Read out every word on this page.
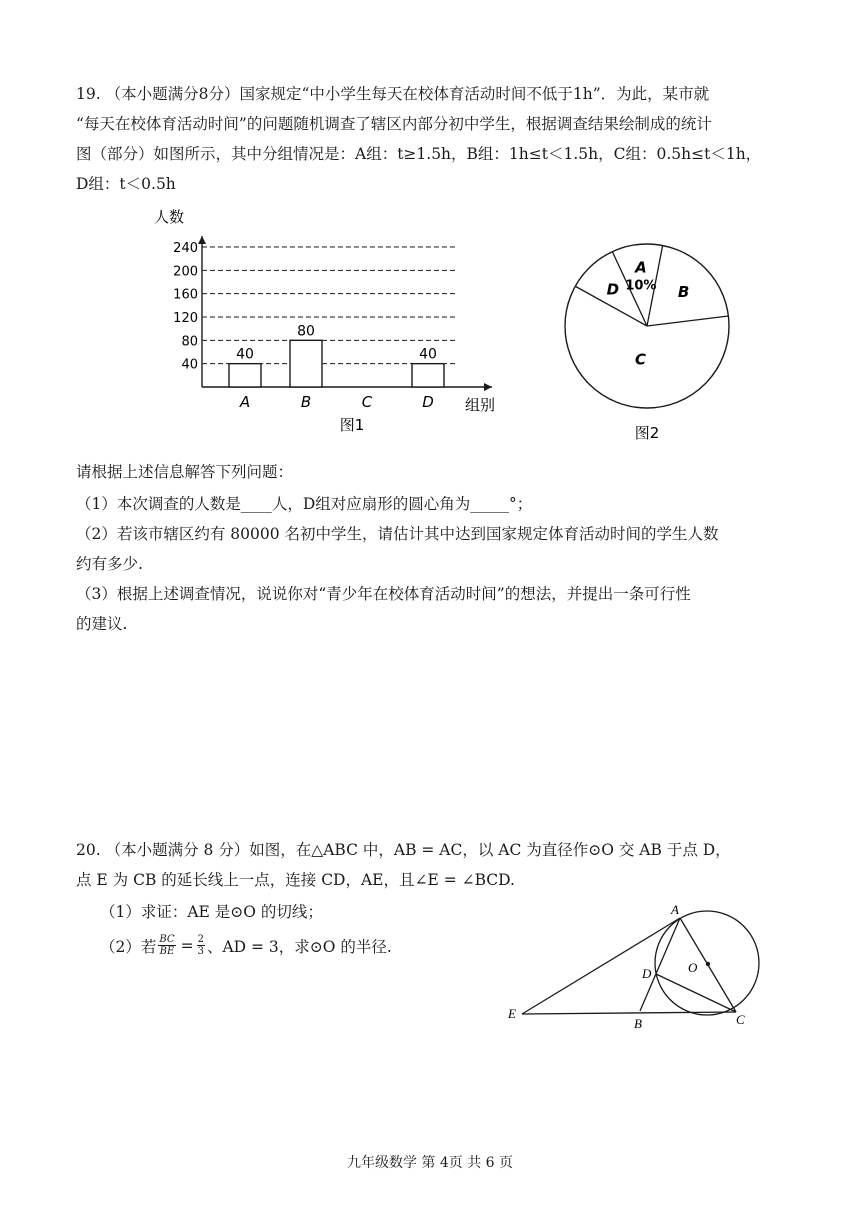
19. （本小题满分8分）国家规定“中小学生每天在校体育活动时间不低于1h”．为此，某市就
“每天在校体育活动时间”的问题随机调查了辖区内部分初中学生，根据调查结果绘制成的统计
图（部分）如图所示，其中分组情况是：A组：t≥1.5h，B组：1h≤t＜1.5h，C组：0.5h≤t＜1h，
D组：t＜0.5h
人数
组别
40
80
120
160
200
240
40
A
80
B	C
40
D
图1
A
10% B
C
D
图2
请根据上述信息解答下列问题：
（1）本次调查的人数是____人，D组对应扇形的圆心角为_____°；
（2）若该市辖区约有 80000 名初中学生，请估计其中达到国家规定体育活动时间的学生人数
约有多少.
（3）根据上述调查情况，说说你对“青少年在校体育活动时间”的想法，并提出一条可行性
的建议.
20. （本小题满分 8 分）如图，在△ABC 中，AB = AC，以 AC 为直径作⊙O 交 AB 于点 D，
点 E 为 CB 的延长线上一点，连接 CD，AE，且∠E = ∠BCD.
（1）求证：AE 是⊙O 的切线；
（2）若 $\frac{BC}{BE} = \frac{2}{3}$ 、AD = 3，求⊙O 的半径.
A
D	O
E
B	C
九年级数学 第 4页 共 6 页
